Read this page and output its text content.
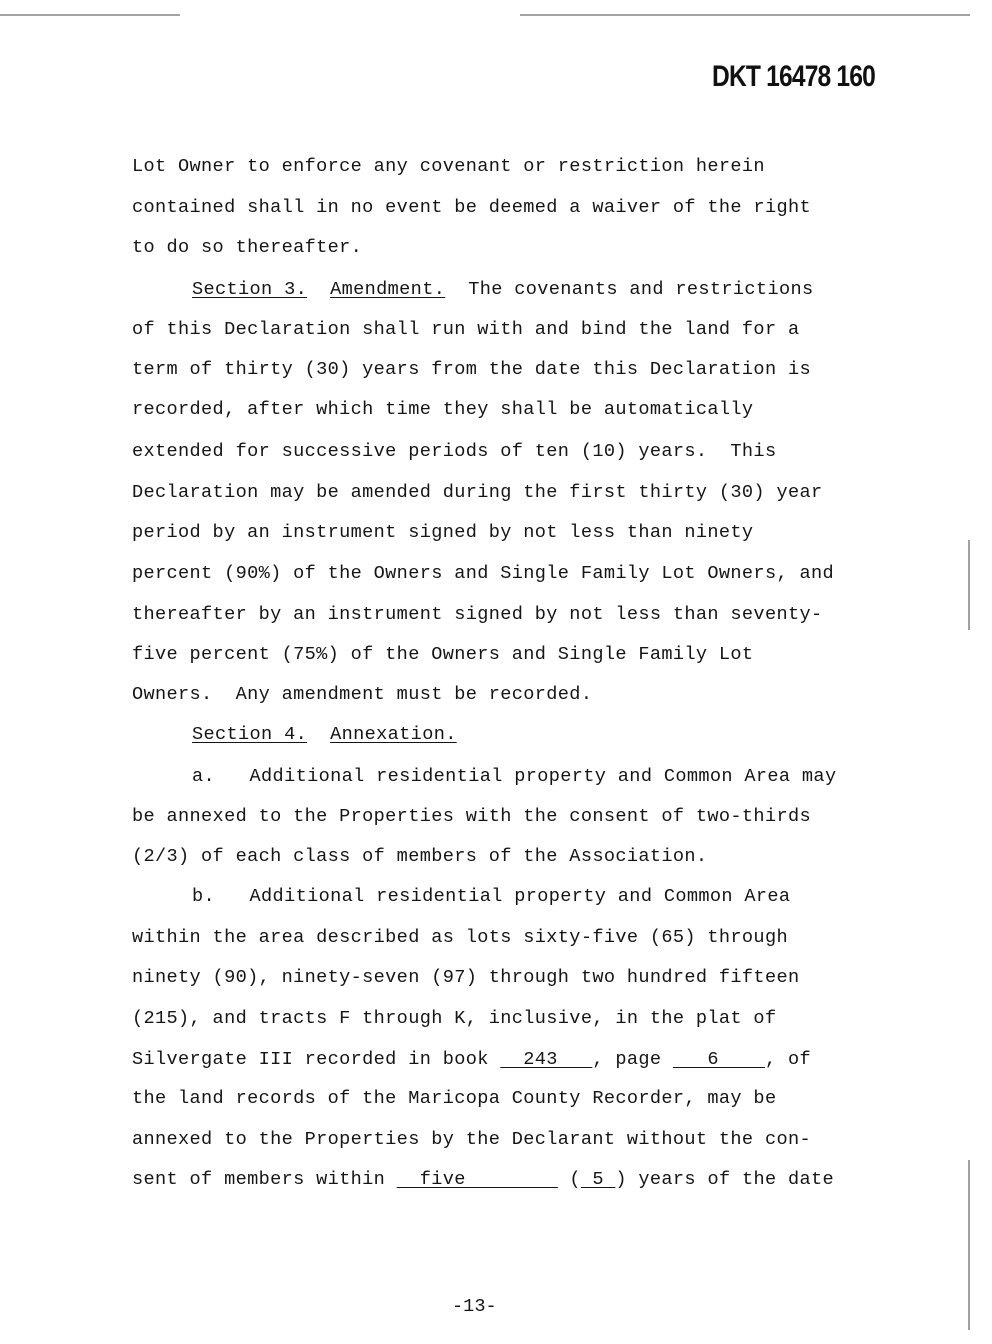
DKT 16478 160
Lot Owner to enforce any covenant or restriction herein
contained shall in no event be deemed a waiver of the right
to do so thereafter.
Section 3. Amendment.  The covenants and restrictions
of this Declaration shall run with and bind the land for a
term of thirty (30) years from the date this Declaration is
recorded, after which time they shall be automatically
extended for successive periods of ten (10) years.  This
Declaration may be amended during the first thirty (30) year
period by an instrument signed by not less than ninety
percent (90%) of the Owners and Single Family Lot Owners, and
thereafter by an instrument signed by not less than seventy-
five percent (75%) of the Owners and Single Family Lot
Owners.  Any amendment must be recorded.
Section 4. Annexation.
a.   Additional residential property and Common Area may
be annexed to the Properties with the consent of two-thirds
(2/3) of each class of members of the Association.
b.   Additional residential property and Common Area
within the area described as lots sixty-five (65) through
ninety (90), ninety-seven (97) through two hundred fifteen
(215), and tracts F through K, inclusive, in the plat of
Silvergate III recorded in book   243   , page    6    , of
the land records of the Maricopa County Recorder, may be
annexed to the Properties by the Declarant without the con-
sent of members within   five         ( 5 ) years of the date
-13-
